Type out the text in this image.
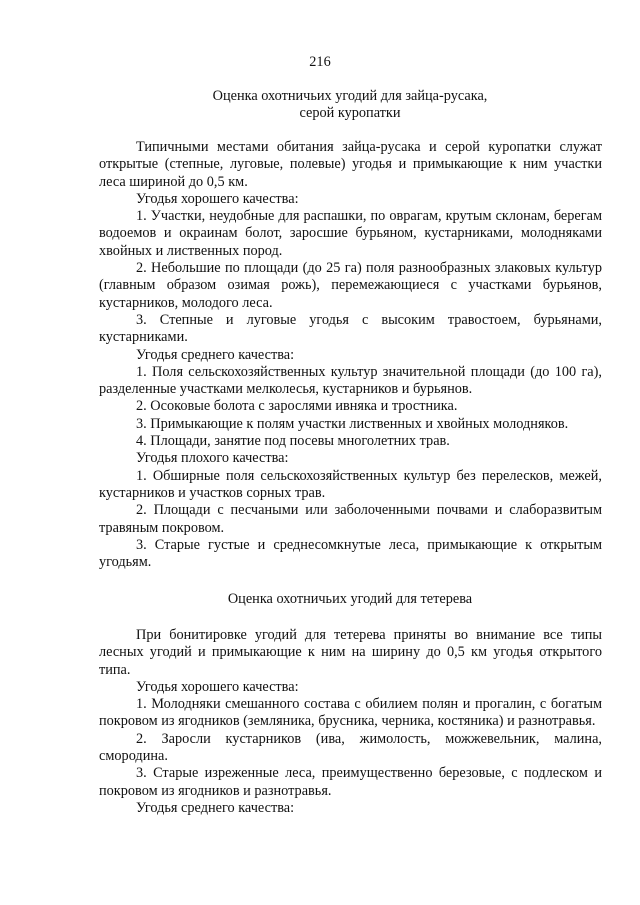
216
Оценка охотничьих угодий для зайца-русака,
серой куропатки

Типичными местами обитания зайца-русака и серой куропатки служат открытые (степные, луговые, полевые) угодья и примыкающие к ним участки леса шириной до 0,5 км.

Угодья хорошего качества:

1. Участки, неудобные для распашки, по оврагам, крутым склонам, берегам водоемов и окраинам болот, заросшие бурьяном, кустарниками, молодняками хвойных и лиственных пород.

2. Небольшие по площади (до 25 га) поля разнообразных злаковых культур (главным образом озимая рожь), перемежающиеся с участками бурьянов, кустарников, молодого леса.

3. Степные и луговые угодья с высоким травостоем, бурьянами, кустарниками.

Угодья среднего качества:

1. Поля сельскохозяйственных культур значительной площади (до 100 га), разделенные участками мелколесья, кустарников и бурьянов.

2. Осоковые болота с зарослями ивняка и тростника.

3. Примыкающие к полям участки лиственных и хвойных молодняков.

4. Площади, занятие под посевы многолетних трав.

Угодья плохого качества:

1. Обширные поля сельскохозяйственных культур без перелесков, межей, кустарников и участков сорных трав.

2. Площади с песчаными или заболоченными почвами и слаборазвитым травяным покровом.

3. Старые густые и среднесомкнутые леса, примыкающие к открытым угодьям.

Оценка охотничьих угодий для тетерева

При бонитировке угодий для тетерева приняты во внимание все типы лесных угодий и примыкающие к ним на ширину до 0,5 км угодья открытого типа.

Угодья хорошего качества:

1. Молодняки смешанного состава с обилием полян и прогалин, с богатым покровом из ягодников (земляника, брусника, черника, костяника) и разнотравья.

2. Заросли кустарников (ива, жимолость, можжевельник, малина, смородина.

3. Старые изреженные леса, преимущественно березовые, с подлеском и покровом из ягодников и разнотравья.

Угодья среднего качества:
